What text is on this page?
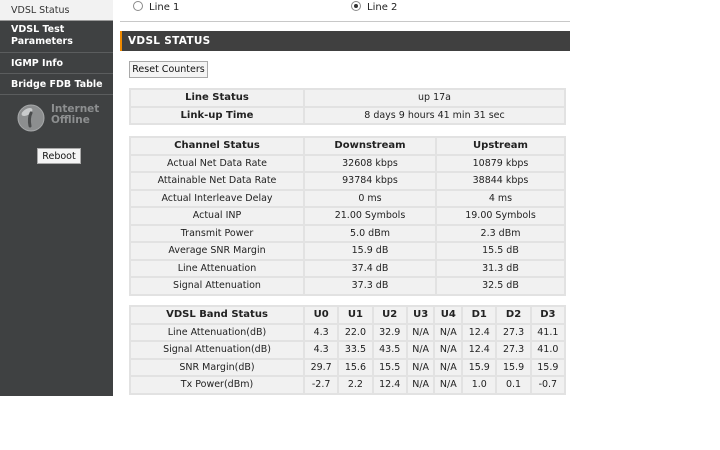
VDSL Status
VDSL Test Parameters
IGMP Info
Bridge FDB Table
Internet
Offline
Reboot
Line 1	Line 2
VDSL STATUS
Reset Counters
Line Status	up 17a
Link-up Time	8 days 9 hours 41 min 31 sec
Channel Status	Downstream	Upstream
Actual Net Data Rate	32608 kbps	10879 kbps
Attainable Net Data Rate	93784 kbps	38844 kbps
Actual Interleave Delay	0 ms	4 ms
Actual INP	21.00 Symbols	19.00 Symbols
Transmit Power	5.0 dBm	2.3 dBm
Average SNR Margin	15.9 dB	15.5 dB
Line Attenuation	37.4 dB	31.3 dB
Signal Attenuation	37.3 dB	32.5 dB
VDSL Band Status	U0	U1	U2	U3	U4	D1	D2	D3
Line Attenuation(dB)	4.3	22.0	32.9	N/A	N/A	12.4	27.3	41.1
Signal Attenuation(dB)	4.3	33.5	43.5	N/A	N/A	12.4	27.3	41.0
SNR Margin(dB)	29.7	15.6	15.5	N/A	N/A	15.9	15.9	15.9
Tx Power(dBm)	-2.7	2.2	12.4	N/A	N/A	1.0	0.1	-0.7
